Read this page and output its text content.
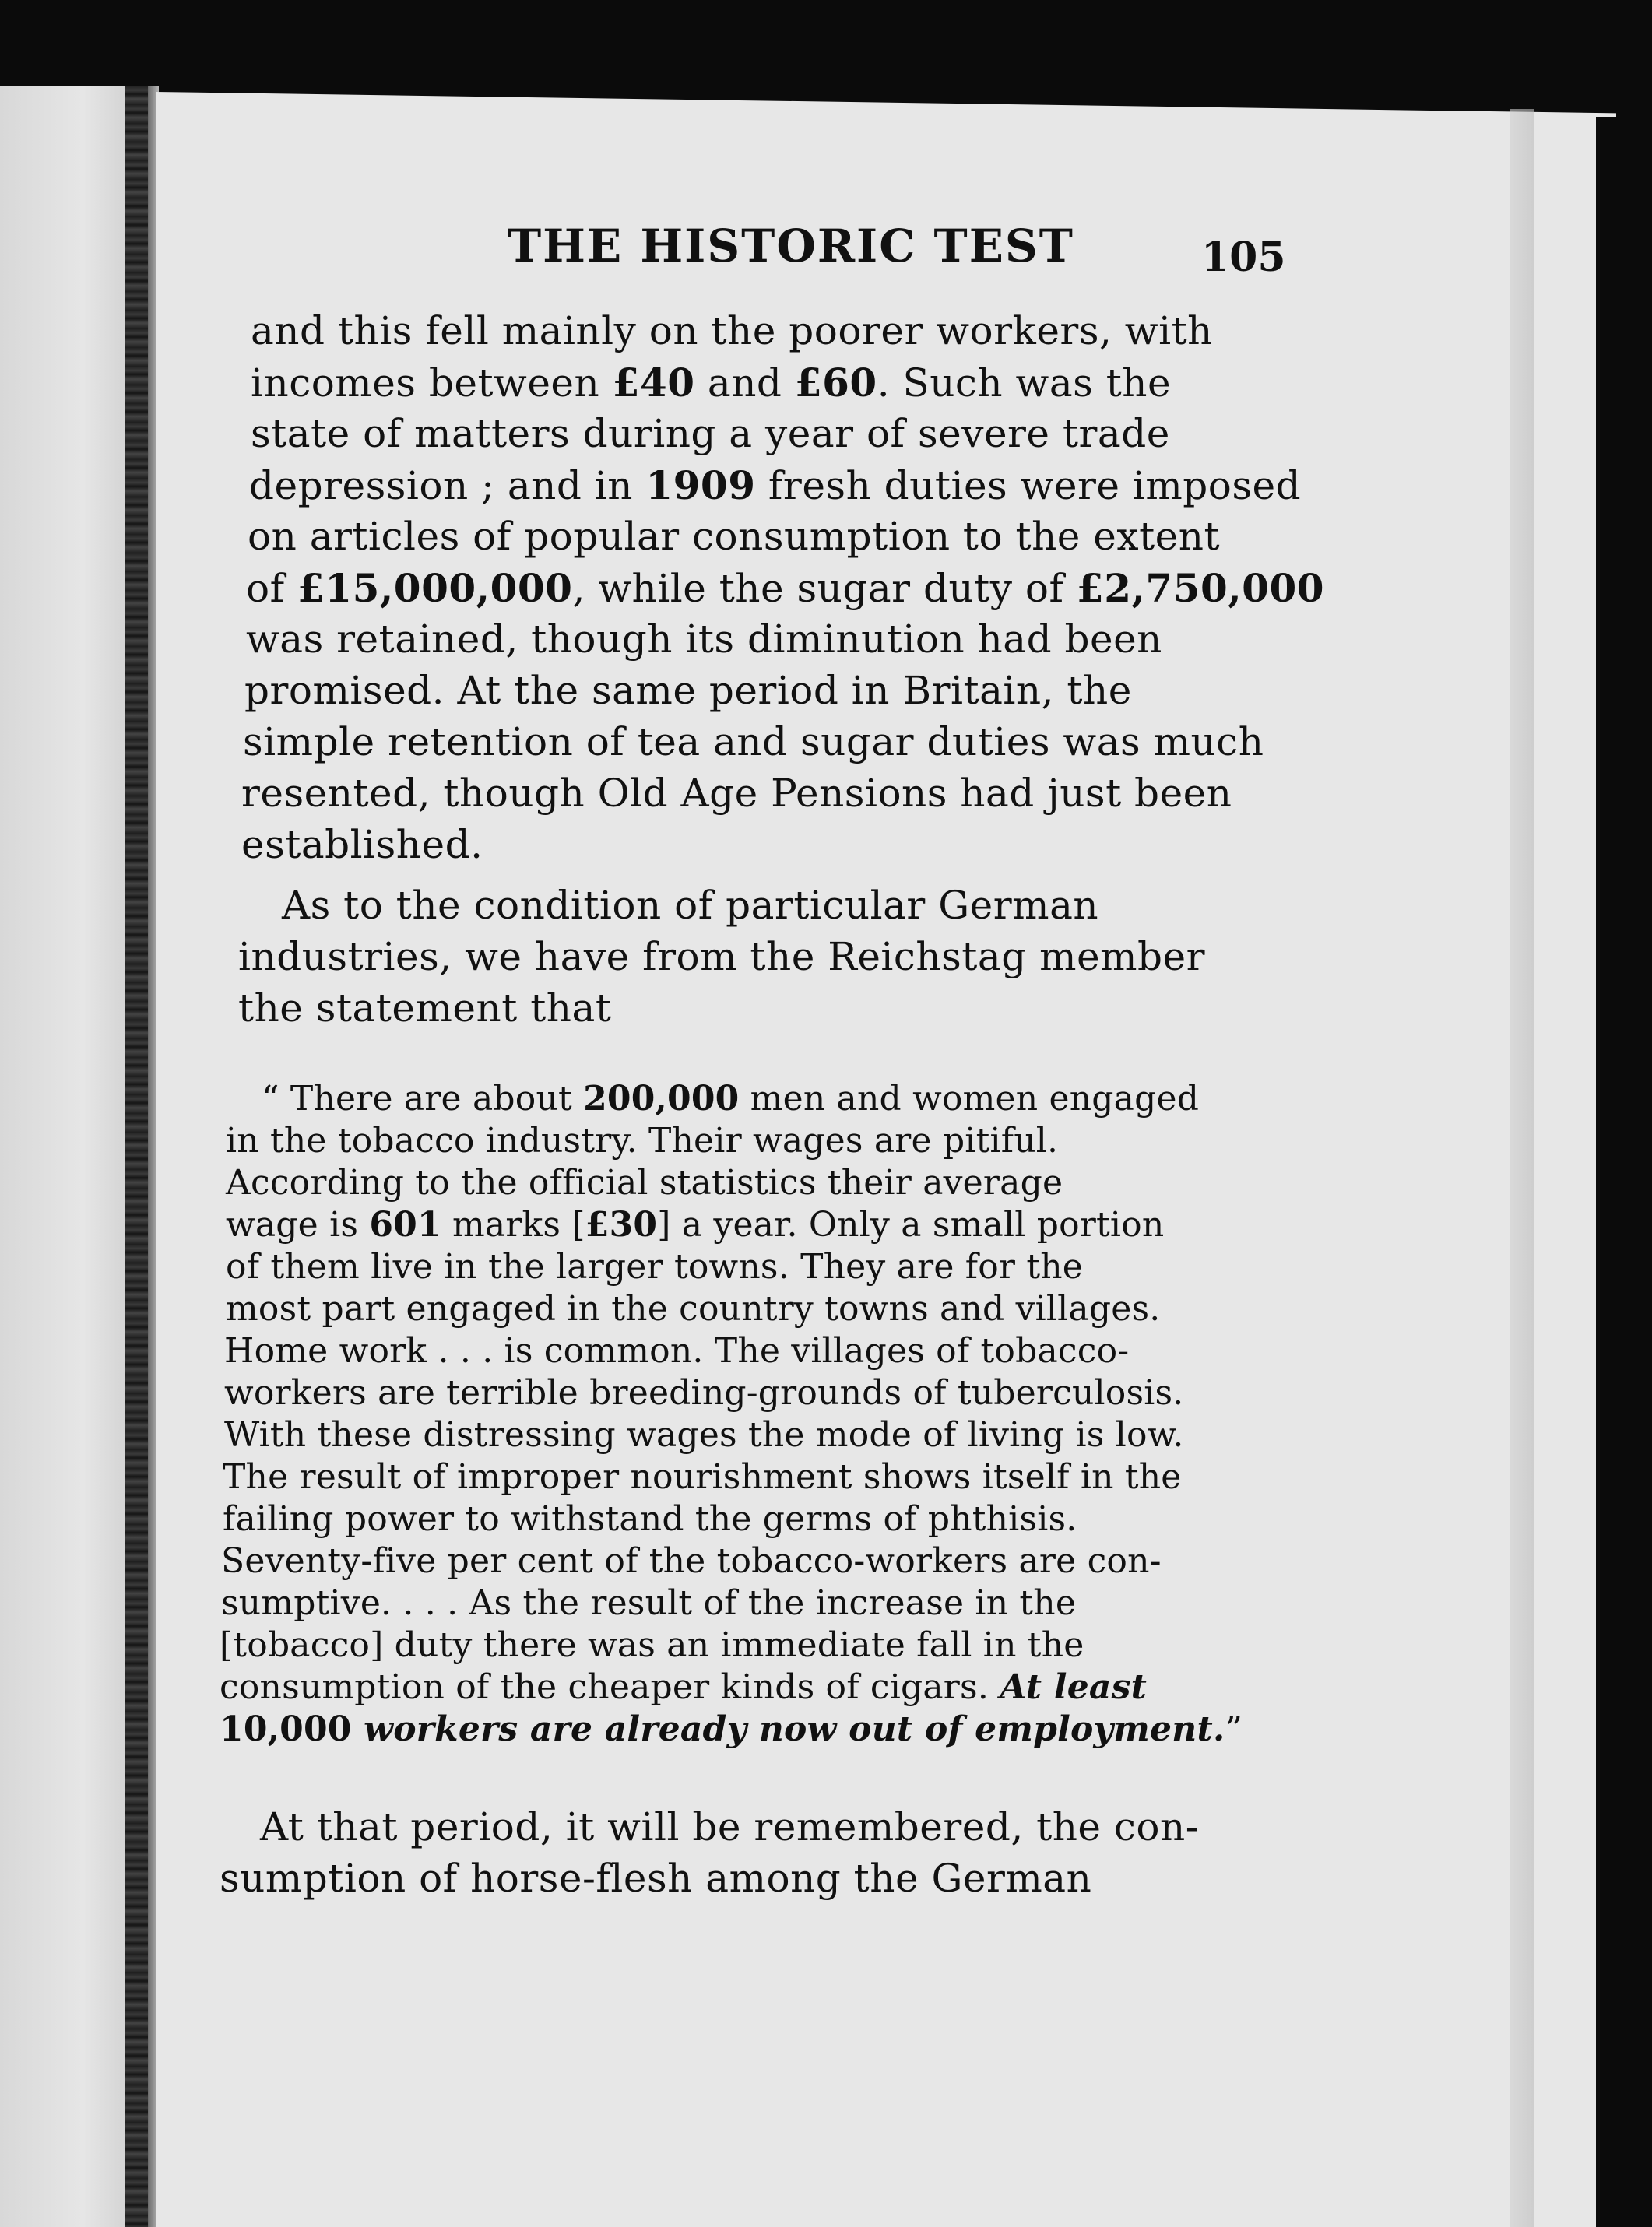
THE HISTORIC TEST	105

and this fell mainly on the poorer workers, with

incomes between £40 and £60. Such was the

state of matters during a year of severe trade

depression ; and in 1909 fresh duties were imposed

on articles of popular consumption to the extent

of £15,000,000, while the sugar duty of £2,750,000

was retained, though its diminution had been

promised. At the same period in Britain, the

simple retention of tea and sugar duties was much

resented, though Old Age Pensions had just been

established.

As to the condition of particular German

industries, we have from the Reichstag member

the statement that

“ There are about 200,000 men and women engaged

in the tobacco industry. Their wages are pitiful.

According to the official statistics their average

wage is 601 marks [£30] a year. Only a small portion

of them live in the larger towns. They are for the

most part engaged in the country towns and villages.

Home work . . . is common. The villages of tobacco-

workers are terrible breeding-grounds of tuberculosis.

With these distressing wages the mode of living is low.

The result of improper nourishment shows itself in the

failing power to withstand the germs of phthisis.

Seventy-five per cent of the tobacco-workers are con-

sumptive. . . . As the result of the increase in the

[tobacco] duty there was an immediate fall in the

consumption of the cheaper kinds of cigars. At least

10,000 workers are already now out of employment.”

At that period, it will be remembered, the con-

sumption of horse-flesh among the German
